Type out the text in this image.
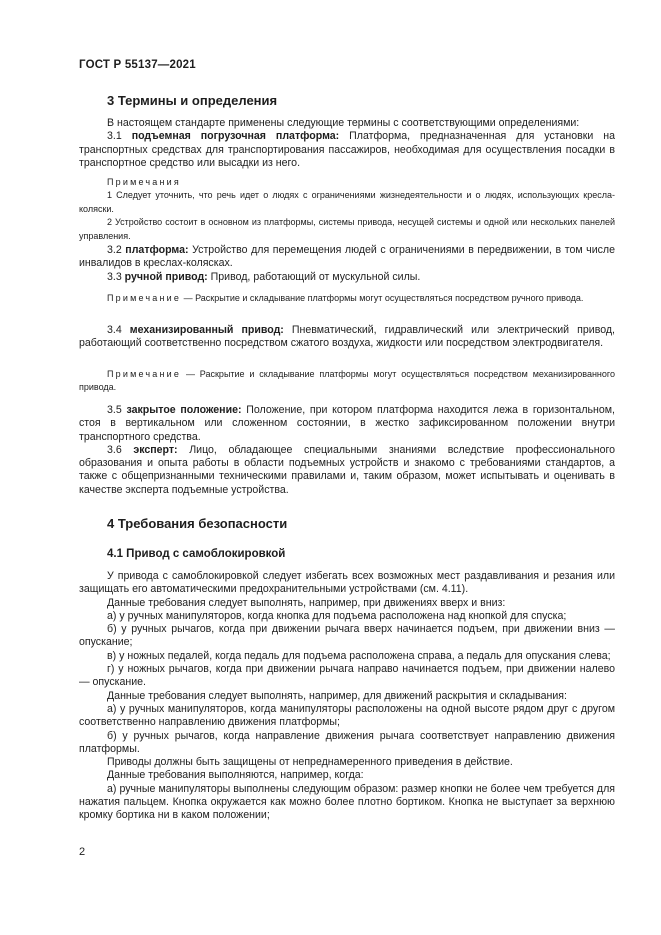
ГОСТ Р 55137—2021
3 Термины и определения

В настоящем стандарте применены следующие термины с соответствующими определениями:

3.1 подъемная погрузочная платформа: Платформа, предназначенная для установки на транспортных средствах для транспортирования пассажиров, необходимая для осуществления посадки в транспортное средство или высадки из него.

Примечания

1 Следует уточнить, что речь идет о людях с ограничениями жизнедеятельности и о людях, использующих кресла-коляски.

2 Устройство состоит в основном из платформы, системы привода, несущей системы и одной или нескольких панелей управления.

3.2 платформа: Устройство для перемещения людей с ограничениями в передвижении, в том числе инвалидов в креслах-колясках.

3.3 ручной привод: Привод, работающий от мускульной силы.

Примечание — Раскрытие и складывание платформы могут осуществляться посредством ручного привода.

3.4 механизированный привод: Пневматический, гидравлический или электрический привод, работающий соответственно посредством сжатого воздуха, жидкости или посредством электродвигателя.

Примечание — Раскрытие и складывание платформы могут осуществляться посредством механизированного привода.

3.5 закрытое положение: Положение, при котором платформа находится лежа в горизонтальном, стоя в вертикальном или сложенном состоянии, в жестко зафиксированном положении внутри транспортного средства.

3.6 эксперт: Лицо, обладающее специальными знаниями вследствие профессионального образования и опыта работы в области подъемных устройств и знакомо с требованиями стандартов, а также с общепризнанными техническими правилами и, таким образом, может испытывать и оценивать в качестве эксперта подъемные устройства.

4 Требования безопасности
4.1 Привод с самоблокировкой

У привода с самоблокировкой следует избегать всех возможных мест раздавливания и резания или защищать его автоматическими предохранительными устройствами (см. 4.11).

Данные требования следует выполнять, например, при движениях вверх и вниз:

а) у ручных манипуляторов, когда кнопка для подъема расположена над кнопкой для спуска;

б) у ручных рычагов, когда при движении рычага вверх начинается подъем, при движении вниз — опускание;

в) у ножных педалей, когда педаль для подъема расположена справа, а педаль для опускания слева;

г) у ножных рычагов, когда при движении рычага направо начинается подъем, при движении налево — опускание.

Данные требования следует выполнять, например, для движений раскрытия и складывания:

а) у ручных манипуляторов, когда манипуляторы расположены на одной высоте рядом друг с другом соответственно направлению движения платформы;

б) у ручных рычагов, когда направление движения рычага соответствует направлению движения платформы.

Приводы должны быть защищены от непреднамеренного приведения в действие.

Данные требования выполняются, например, когда:

а) ручные манипуляторы выполнены следующим образом: размер кнопки не более чем требуется для нажатия пальцем. Кнопка окружается как можно более плотно бортиком. Кнопка не выступает за верхнюю кромку бортика ни в каком положении;

2
